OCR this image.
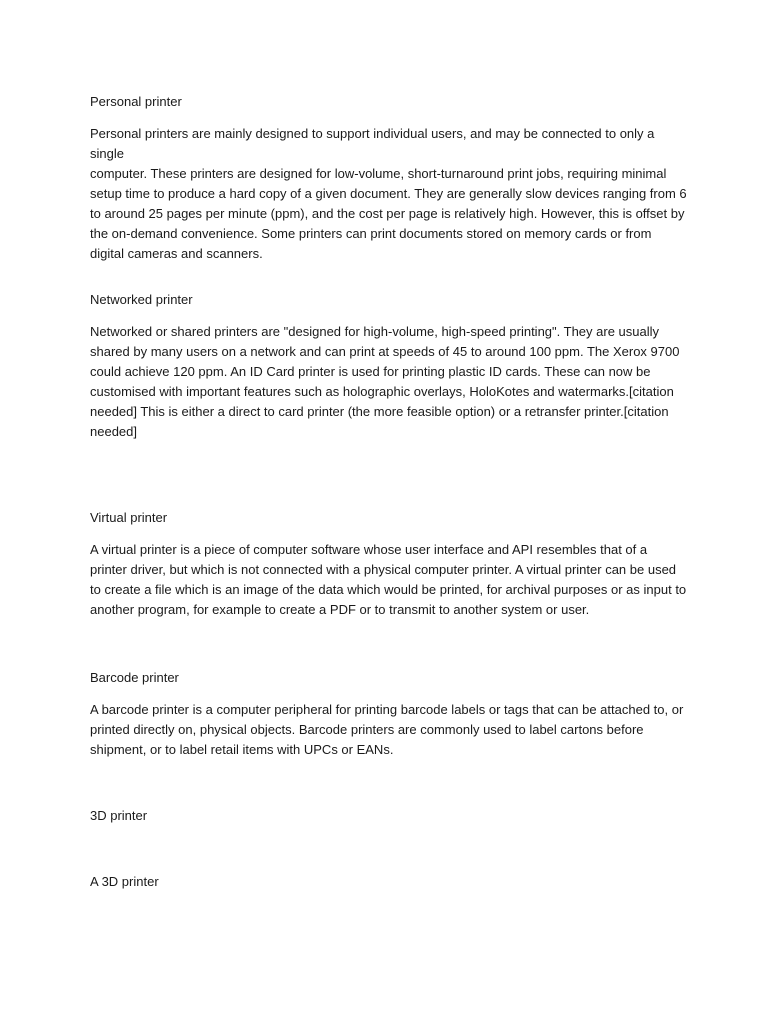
Personal printer

Personal printers are mainly designed to support individual users, and may be connected to only a single
computer. These printers are designed for low-volume, short-turnaround print jobs, requiring minimal
setup time to produce a hard copy of a given document. They are generally slow devices ranging from 6
to around 25 pages per minute (ppm), and the cost per page is relatively high. However, this is offset by
the on-demand convenience. Some printers can print documents stored on memory cards or from
digital cameras and scanners.

Networked printer

Networked or shared printers are "designed for high-volume, high-speed printing". They are usually
shared by many users on a network and can print at speeds of 45 to around 100 ppm. The Xerox 9700
could achieve 120 ppm. An ID Card printer is used for printing plastic ID cards. These can now be
customised with important features such as holographic overlays, HoloKotes and watermarks.[citation
needed] This is either a direct to card printer (the more feasible option) or a retransfer printer.[citation
needed]

Virtual printer

A virtual printer is a piece of computer software whose user interface and API resembles that of a
printer driver, but which is not connected with a physical computer printer. A virtual printer can be used
to create a file which is an image of the data which would be printed, for archival purposes or as input to
another program, for example to create a PDF or to transmit to another system or user.

Barcode printer

A barcode printer is a computer peripheral for printing barcode labels or tags that can be attached to, or
printed directly on, physical objects. Barcode printers are commonly used to label cartons before
shipment, or to label retail items with UPCs or EANs.

3D printer

A 3D printer
